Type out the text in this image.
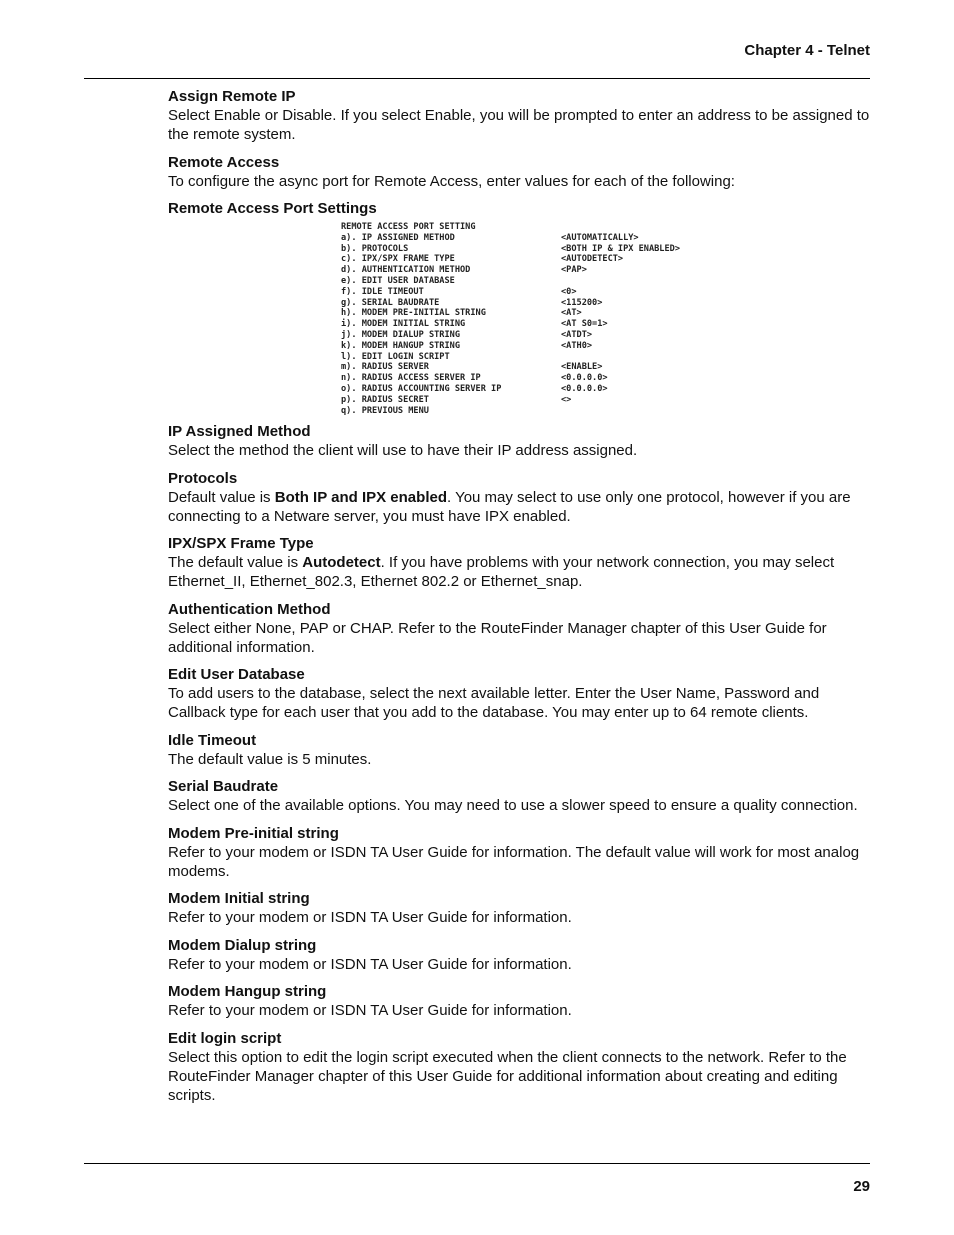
Chapter 4 - Telnet
Assign Remote IP

Select Enable or Disable. If you select Enable, you will be prompted to enter an address to be assigned to the remote system.

Remote Access

To configure the async port for Remote Access, enter values for each of the following:

Remote Access Port Settings
REMOTE ACCESS PORT SETTING
a). IP ASSIGNED METHOD	<AUTOMATICALLY>
b). PROTOCOLS	<BOTH IP & IPX ENABLED>
c). IPX/SPX FRAME TYPE	<AUTODETECT>
d). AUTHENTICATION METHOD	<PAP>
e). EDIT USER DATABASE
f). IDLE TIMEOUT	<0>
g). SERIAL BAUDRATE	<115200>
h). MODEM PRE-INITIAL STRING	<AT>
i). MODEM INITIAL STRING	<AT S0=1>
j). MODEM DIALUP STRING	<ATDT>
k). MODEM HANGUP STRING	<ATH0>
l). EDIT LOGIN SCRIPT
m). RADIUS SERVER	<ENABLE>
n). RADIUS ACCESS SERVER IP	<0.0.0.0>
o). RADIUS ACCOUNTING SERVER IP	<0.0.0.0>
p). RADIUS SECRET	<>
q). PREVIOUS MENU
IP Assigned Method

Select the method the client will use to have their IP address assigned.

Protocols

Default value is Both IP and IPX enabled. You may select to use only one protocol, however if you are connecting to a Netware server, you must have IPX enabled.

IPX/SPX Frame Type

The default value is Autodetect. If you have problems with your network connection, you may select Ethernet_II, Ethernet_802.3, Ethernet 802.2 or Ethernet_snap.

Authentication Method

Select either None, PAP or CHAP. Refer to the RouteFinder Manager chapter of this User Guide for additional information.

Edit User Database

To add users to the database, select the next available letter. Enter the User Name, Password and Callback type for each user that you add to the database. You may enter up to 64 remote clients.

Idle Timeout

The default value is 5 minutes.

Serial Baudrate

Select one of the available options. You may need to use a slower speed to ensure a quality connection.

Modem Pre-initial string

Refer to your modem or ISDN TA User Guide for information. The default value will work for most analog modems.

Modem Initial string

Refer to your modem or ISDN TA User Guide for information.

Modem Dialup string

Refer to your modem or ISDN TA User Guide for information.

Modem Hangup string

Refer to your modem or ISDN TA User Guide for information.

Edit login script

Select this option to edit the login script executed when the client connects to the network. Refer to the RouteFinder Manager chapter of this User Guide for additional information about creating and editing scripts.

29
